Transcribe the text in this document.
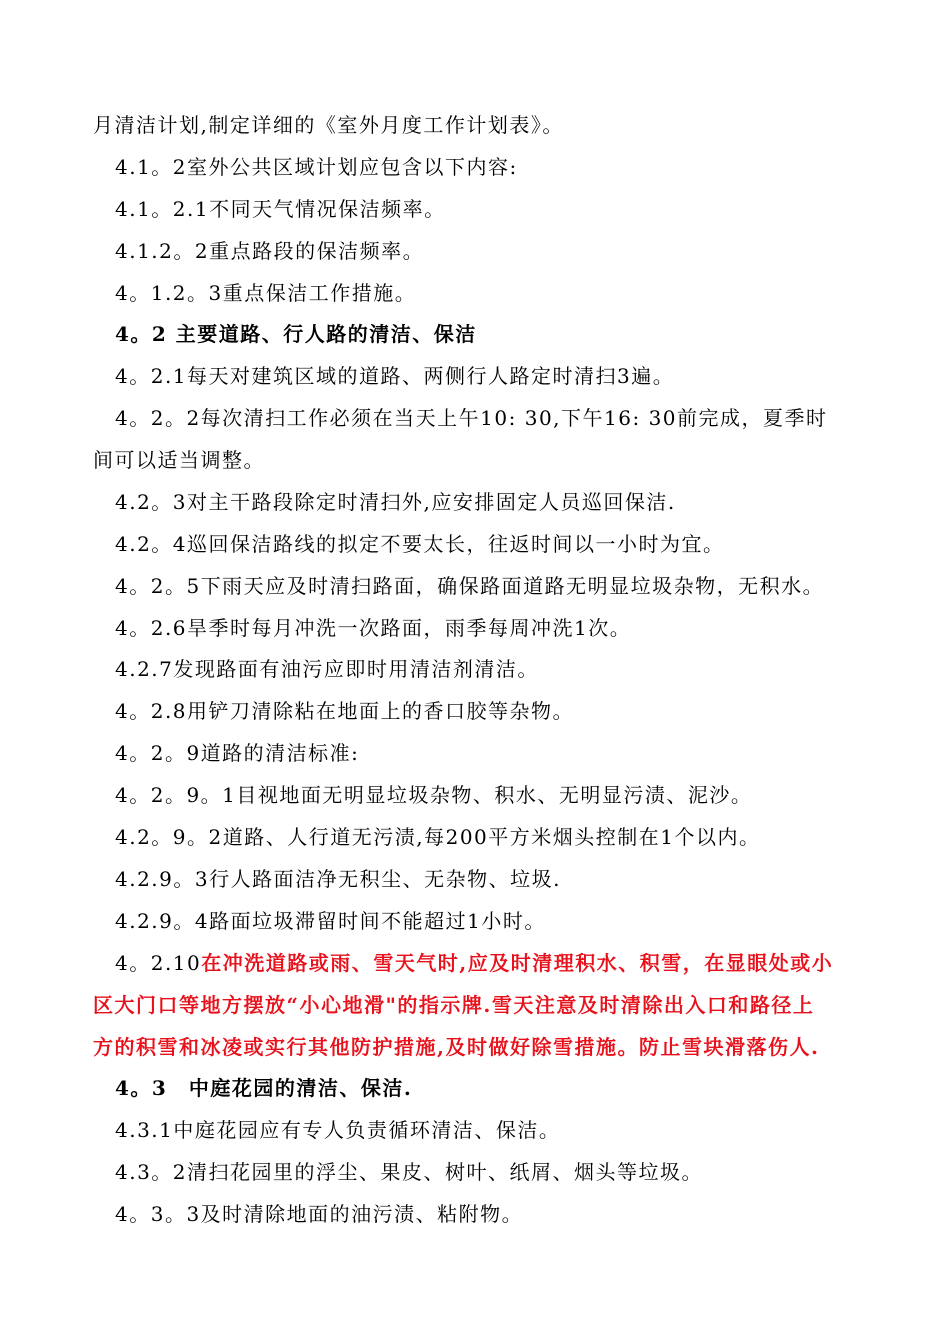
月清洁计划,制定详细的《室外月度工作计划表》。
4.1。2室外公共区域计划应包含以下内容:
4.1。2.1不同天气情况保洁频率。
4.1.2。2重点路段的保洁频率。
4。1.2。3重点保洁工作措施。
4。2 主要道路、行人路的清洁、保洁
4。2.1每天对建筑区域的道路、两侧行人路定时清扫3遍。
4。2。2每次清扫工作必须在当天上午10: 30,下午16: 30前完成，夏季时
间可以适当调整。
4.2。3对主干路段除定时清扫外,应安排固定人员巡回保洁.
4.2。4巡回保洁路线的拟定不要太长，往返时间以一小时为宜。
4。2。5下雨天应及时清扫路面，确保路面道路无明显垃圾杂物，无积水。
4。2.6旱季时每月冲洗一次路面，雨季每周冲洗1次。
4.2.7发现路面有油污应即时用清洁剂清洁。
4。2.8用铲刀清除粘在地面上的香口胶等杂物。
4。2。9道路的清洁标准:
4。2。9。1目视地面无明显垃圾杂物、积水、无明显污渍、泥沙。
4.2。9。2道路、人行道无污渍,每200平方米烟头控制在1个以内。
4.2.9。3行人路面洁净无积尘、无杂物、垃圾.
4.2.9。4路面垃圾滞留时间不能超过1小时。
4。2.10在冲洗道路或雨、雪天气时,应及时清理积水、积雪，在显眼处或小
区大门口等地方摆放“小心地滑"的指示牌.雪天注意及时清除出入口和路径上
方的积雪和冰凌或实行其他防护措施,及时做好除雪措施。防止雪块滑落伤人.
4。3　中庭花园的清洁、保洁.
4.3.1中庭花园应有专人负责循环清洁、保洁。
4.3。2清扫花园里的浮尘、果皮、树叶、纸屑、烟头等垃圾。
4。3。3及时清除地面的油污渍、粘附物。
